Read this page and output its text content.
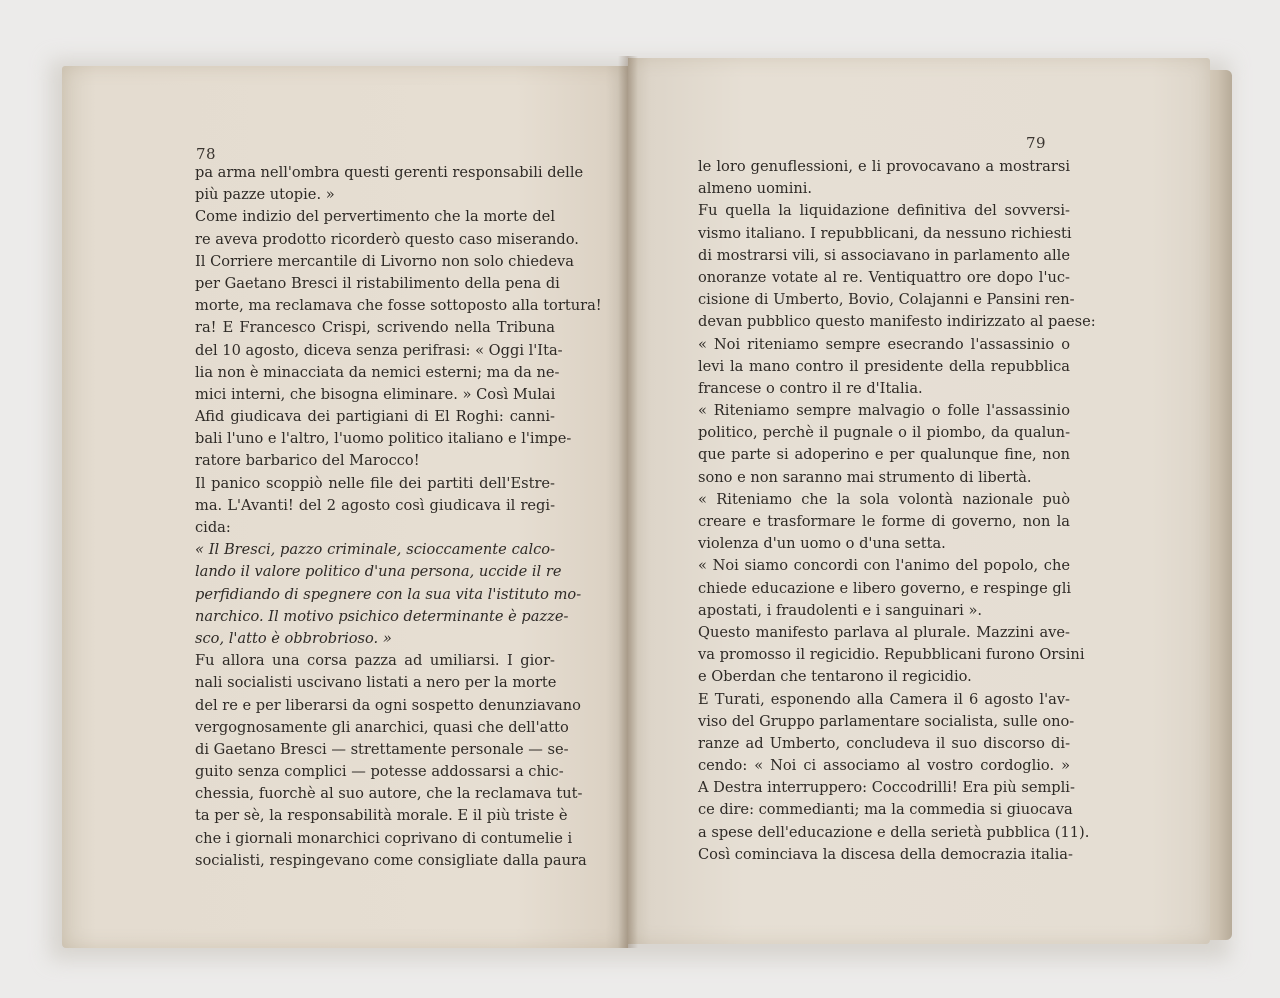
78
pa arma nell'ombra questi gerenti responsabili delle
più pazze utopie. »
Come indizio del pervertimento che la morte del
re aveva prodotto ricorderò questo caso miserando.
Il Corriere mercantile di Livorno non solo chiedeva
per Gaetano Bresci il ristabilimento della pena di
morte, ma reclamava che fosse sottoposto alla tortura!
ra! E Francesco Crispi, scrivendo nella Tribuna
del 10 agosto, diceva senza perifrasi: « Oggi l'Ita-
lia non è minacciata da nemici esterni; ma da ne-
mici interni, che bisogna eliminare. » Così Mulai
Afid giudicava dei partigiani di El Roghi: canni-
bali l'uno e l'altro, l'uomo politico italiano e l'impe-
ratore barbarico del Marocco!
Il panico scoppiò nelle file dei partiti dell'Estre-
ma. L'Avanti! del 2 agosto così giudicava il regi-
cida:
« Il Bresci, pazzo criminale, scioccamente calco-
lando il valore politico d'una persona, uccide il re
perfidiando di spegnere con la sua vita l'istituto mo-
narchico. Il motivo psichico determinante è pazze-
sco, l'atto è obbrobrioso. »
Fu allora una corsa pazza ad umiliarsi. I gior-
nali socialisti uscivano listati a nero per la morte
del re e per liberarsi da ogni sospetto denunziavano
vergognosamente gli anarchici, quasi che dell'atto
di Gaetano Bresci — strettamente personale — se-
guito senza complici — potesse addossarsi a chic-
chessia, fuorchè al suo autore, che la reclamava tut-
ta per sè, la responsabilità morale. E il più triste è
che i giornali monarchici coprivano di contumelie i
socialisti, respingevano come consigliate dalla paura
79
le loro genuflessioni, e li provocavano a mostrarsi
almeno uomini.
Fu quella la liquidazione definitiva del sovversi-
vismo italiano. I repubblicani, da nessuno richiesti
di mostrarsi vili, si associavano in parlamento alle
onoranze votate al re. Ventiquattro ore dopo l'uc-
cisione di Umberto, Bovio, Colajanni e Pansini ren-
devan pubblico questo manifesto indirizzato al paese:
« Noi riteniamo sempre esecrando l'assassinio o
levi la mano contro il presidente della repubblica
francese o contro il re d'Italia.
« Riteniamo sempre malvagio o folle l'assassinio
politico, perchè il pugnale o il piombo, da qualun-
que parte si adoperino e per qualunque fine, non
sono e non saranno mai strumento di libertà.
« Riteniamo che la sola volontà nazionale può
creare e trasformare le forme di governo, non la
violenza d'un uomo o d'una setta.
« Noi siamo concordi con l'animo del popolo, che
chiede educazione e libero governo, e respinge gli
apostati, i fraudolenti e i sanguinari ».
Questo manifesto parlava al plurale. Mazzini ave-
va promosso il regicidio. Repubblicani furono Orsini
e Oberdan che tentarono il regicidio.
E Turati, esponendo alla Camera il 6 agosto l'av-
viso del Gruppo parlamentare socialista, sulle ono-
ranze ad Umberto, concludeva il suo discorso di-
cendo: « Noi ci associamo al vostro cordoglio. »
A Destra interruppero: Coccodrilli! Era più sempli-
ce dire: commedianti; ma la commedia si giuocava
a spese dell'educazione e della serietà pubblica (11).
Così cominciava la discesa della democrazia italia-
